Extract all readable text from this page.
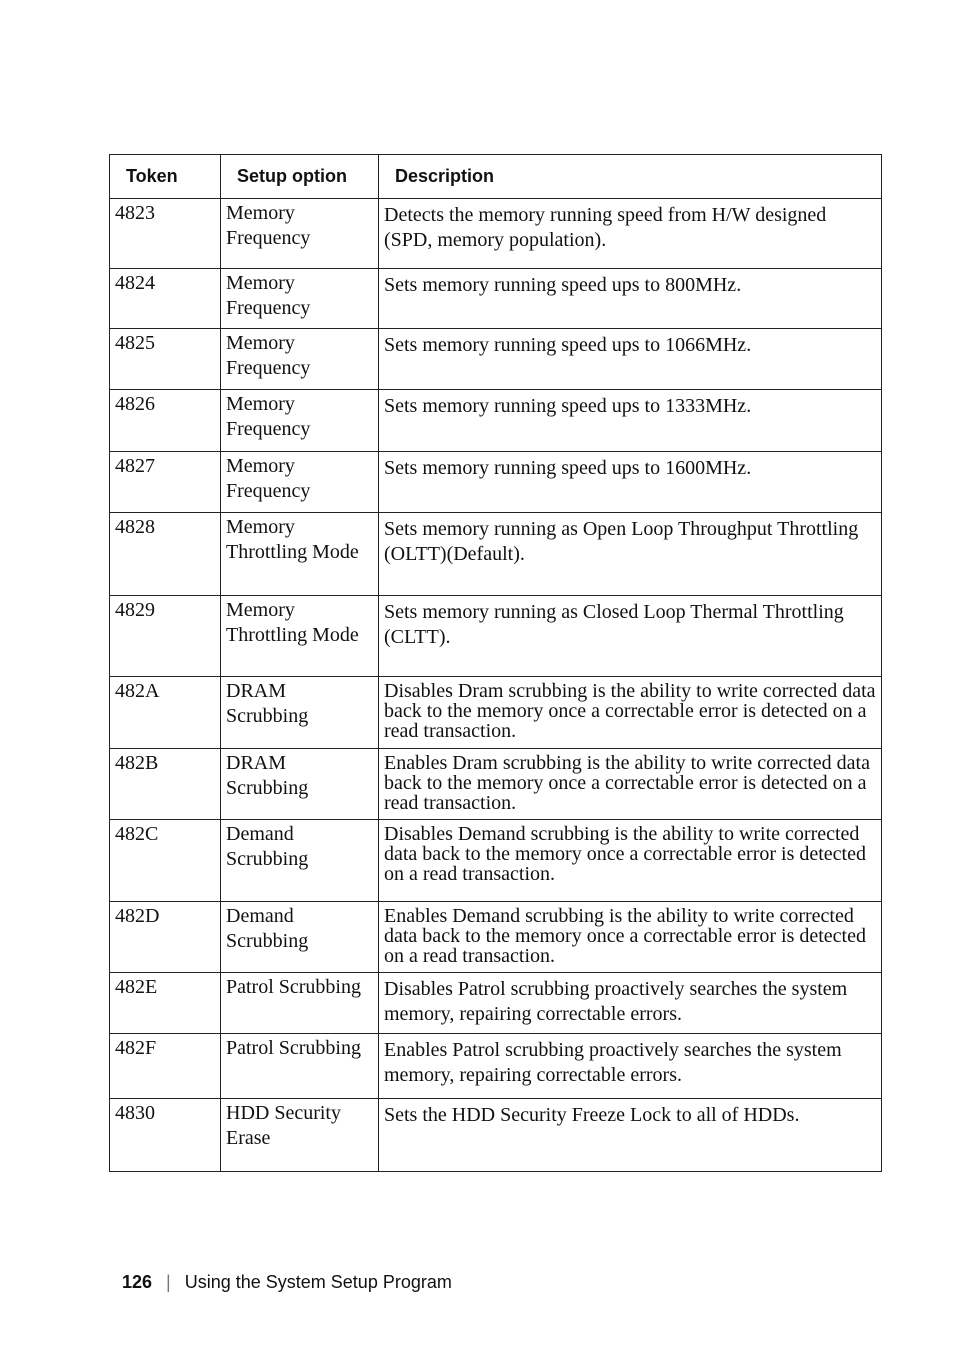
Token	Setup option	Description
4823	Memory Frequency	Detects the memory running speed from H/W designed (SPD, memory population).
4824	Memory Frequency	Sets memory running speed ups to 800MHz.
4825	Memory Frequency	Sets memory running speed ups to 1066MHz.
4826	Memory Frequency	Sets memory running speed ups to 1333MHz.
4827	Memory Frequency	Sets memory running speed ups to 1600MHz.
4828	Memory Throttling Mode	Sets memory running as Open Loop Throughput Throttling (OLTT)(Default).
4829	Memory Throttling Mode	Sets memory running as Closed Loop Thermal Throttling (CLTT).
482A	DRAM Scrubbing	Disables Dram scrubbing is the ability to write corrected data back to the memory once a correctable error is detected on a read transaction.
482B	DRAM Scrubbing	Enables Dram scrubbing is the ability to write corrected data back to the memory once a correctable error is detected on a read transaction.
482C	Demand Scrubbing	Disables Demand scrubbing is the ability to write corrected data back to the memory once a correctable error is detected on a read transaction.
482D	Demand Scrubbing	Enables Demand scrubbing is the ability to write corrected data back to the memory once a correctable error is detected on a read transaction.
482E	Patrol Scrubbing	Disables Patrol scrubbing proactively searches the system memory, repairing correctable errors.
482F	Patrol Scrubbing	Enables Patrol scrubbing proactively searches the system memory, repairing correctable errors.
4830	HDD Security Erase	Sets the HDD Security Freeze Lock to all of HDDs.
126 | Using the System Setup Program
